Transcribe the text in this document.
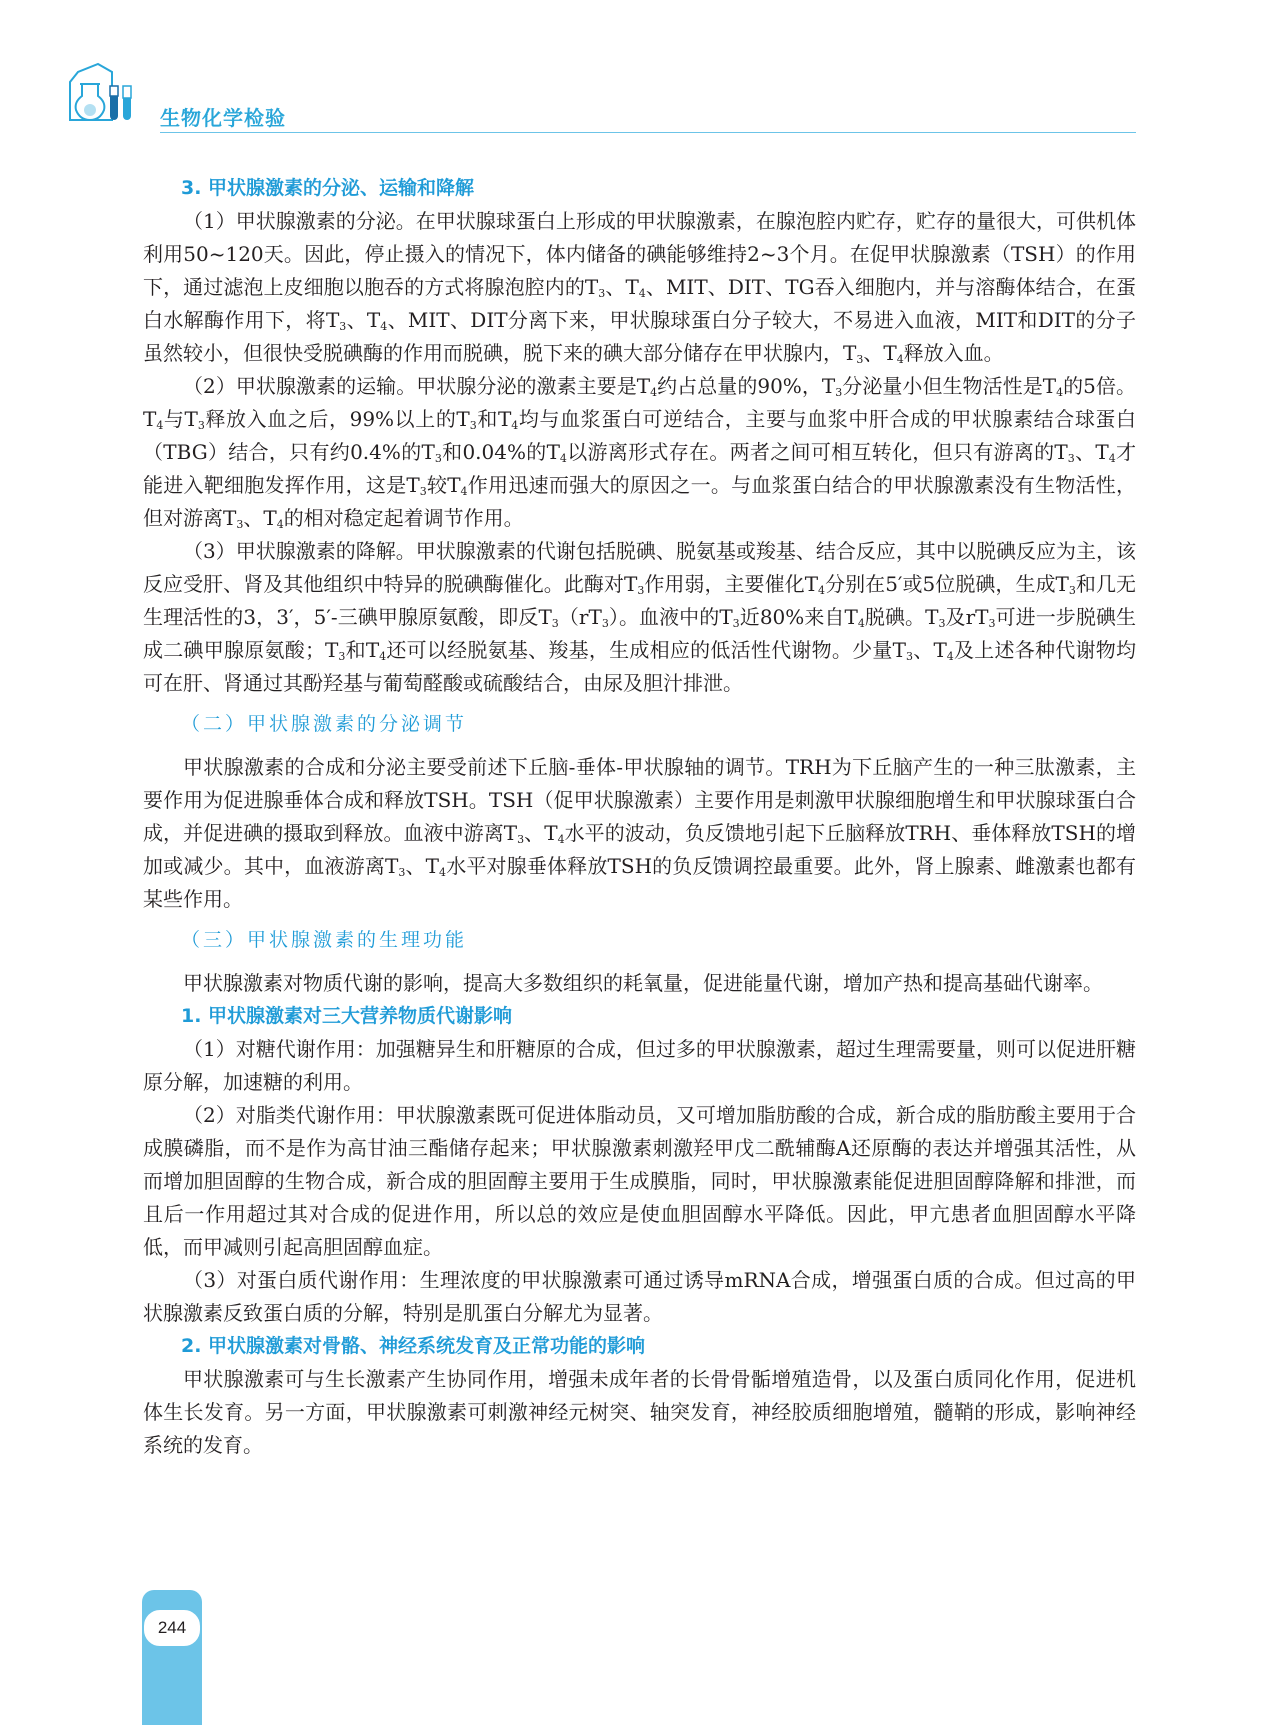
生物化学检验
3. 甲状腺激素的分泌、运输和降解

（1）甲状腺激素的分泌。在甲状腺球蛋白上形成的甲状腺激素，在腺泡腔内贮存，贮存的量很大，可供机体利用50~120天。因此，停止摄入的情况下，体内储备的碘能够维持2~3个月。在促甲状腺激素（TSH）的作用下，通过滤泡上皮细胞以胞吞的方式将腺泡腔内的$T_3$、$T_4$、MIT、DIT、TG吞入细胞内，并与溶酶体结合，在蛋白水解酶作用下，将$T_3$、$T_4$、MIT、DIT分离下来，甲状腺球蛋白分子较大，不易进入血液，MIT和DIT的分子虽然较小，但很快受脱碘酶的作用而脱碘，脱下来的碘大部分储存在甲状腺内，$T_3$、$T_4$释放入血。

（2）甲状腺激素的运输。甲状腺分泌的激素主要是$T_4$约占总量的90%，$T_3$分泌量小但生物活性是$T_4$的5倍。$T_4$与$T_3$释放入血之后，99%以上的$T_3$和$T_4$均与血浆蛋白可逆结合，主要与血浆中肝合成的甲状腺素结合球蛋白（TBG）结合，只有约0.4%的$T_3$和0.04%的$T_4$以游离形式存在。两者之间可相互转化，但只有游离的$T_3$、$T_4$才能进入靶细胞发挥作用，这是$T_3$较$T_4$作用迅速而强大的原因之一。与血浆蛋白结合的甲状腺激素没有生物活性，但对游离$T_3$、$T_4$的相对稳定起着调节作用。

（3）甲状腺激素的降解。甲状腺激素的代谢包括脱碘、脱氨基或羧基、结合反应，其中以脱碘反应为主，该反应受肝、肾及其他组织中特异的脱碘酶催化。此酶对$T_3$作用弱，主要催化$T_4$分别在5′或5位脱碘，生成$T_3$和几无生理活性的3，3′，5′-三碘甲腺原氨酸，即反$T_3(rT_3)$。血液中的$T_3$近80%来自$T_4$脱碘。$T_3$及$rT_3$可进一步脱碘生成二碘甲腺原氨酸；$T_3$和$T_4$还可以经脱氨基、羧基，生成相应的低活性代谢物。少量$T_3$、$T_4$及上述各种代谢物均可在肝、肾通过其酚羟基与葡萄醛酸或硫酸结合，由尿及胆汁排泄。

（二）甲状腺激素的分泌调节

甲状腺激素的合成和分泌主要受前述下丘脑-垂体-甲状腺轴的调节。TRH为下丘脑产生的一种三肽激素，主要作用为促进腺垂体合成和释放TSH。TSH（促甲状腺激素）主要作用是刺激甲状腺细胞增生和甲状腺球蛋白合成，并促进碘的摄取到释放。血液中游离$T_3$、$T_4$水平的波动，负反馈地引起下丘脑释放TRH、垂体释放TSH的增加或减少。其中，血液游离$T_3$、$T_4$水平对腺垂体释放TSH的负反馈调控最重要。此外，肾上腺素、雌激素也都有某些作用。

（三）甲状腺激素的生理功能

甲状腺激素对物质代谢的影响，提高大多数组织的耗氧量，促进能量代谢，增加产热和提高基础代谢率。

1. 甲状腺激素对三大营养物质代谢影响

（1）对糖代谢作用：加强糖异生和肝糖原的合成，但过多的甲状腺激素，超过生理需要量，则可以促进肝糖原分解，加速糖的利用。

（2）对脂类代谢作用：甲状腺激素既可促进体脂动员，又可增加脂肪酸的合成，新合成的脂肪酸主要用于合成膜磷脂，而不是作为高甘油三酯储存起来；甲状腺激素刺激羟甲戊二酰辅酶A还原酶的表达并增强其活性，从而增加胆固醇的生物合成，新合成的胆固醇主要用于生成膜脂，同时，甲状腺激素能促进胆固醇降解和排泄，而且后一作用超过其对合成的促进作用，所以总的效应是使血胆固醇水平降低。因此，甲亢患者血胆固醇水平降低，而甲减则引起高胆固醇血症。

（3）对蛋白质代谢作用：生理浓度的甲状腺激素可通过诱导mRNA合成，增强蛋白质的合成。但过高的甲状腺激素反致蛋白质的分解，特别是肌蛋白分解尤为显著。

2. 甲状腺激素对骨骼、神经系统发育及正常功能的影响

甲状腺激素可与生长激素产生协同作用，增强未成年者的长骨骨骺增殖造骨，以及蛋白质同化作用，促进机体生长发育。另一方面，甲状腺激素可刺激神经元树突、轴突发育，神经胶质细胞增殖，髓鞘的形成，影响神经系统的发育。

244
